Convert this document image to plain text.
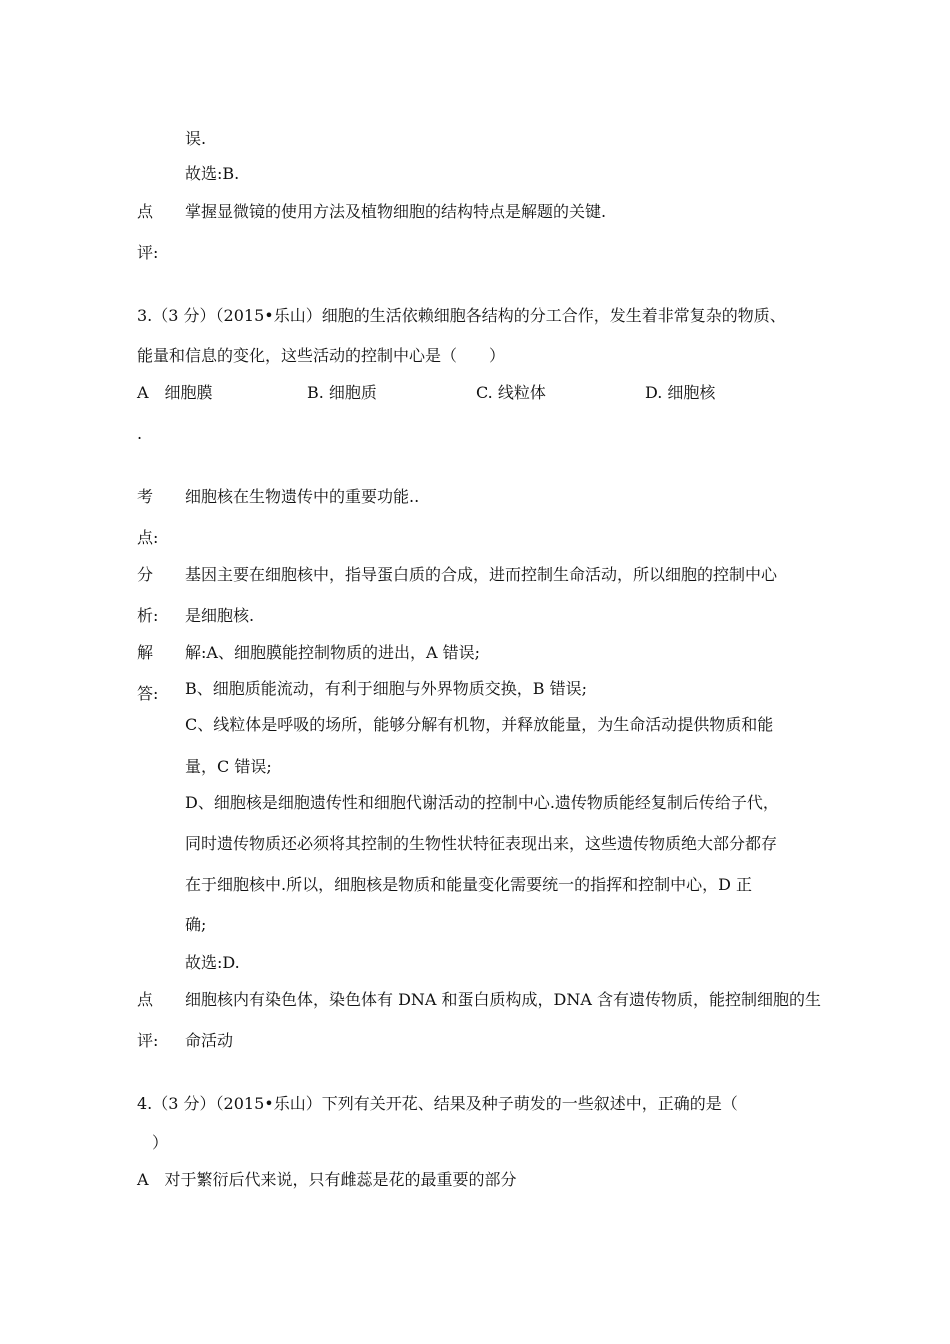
误.
故选:B.
点 掌握显微镜的使用方法及植物细胞的结构特点是解题的关键.
评:
3.（3 分）（2015•乐山）细胞的生活依赖细胞各结构的分工合作，发生着非常复杂的物质、
能量和信息的变化，这些活动的控制中心是（　　）
A　细胞膜	B. 细胞质	C. 线粒体	D. 细胞核
.
考 细胞核在生物遗传中的重要功能..
点:
分 基因主要在细胞核中，指导蛋白质的合成，进而控制生命活动，所以细胞的控制中心
析: 是细胞核.
解 解:A、细胞膜能控制物质的进出，A 错误;
答: B、细胞质能流动，有利于细胞与外界物质交换，B 错误;
C、线粒体是呼吸的场所，能够分解有机物，并释放能量，为生命活动提供物质和能
量，C 错误;
D、细胞核是细胞遗传性和细胞代谢活动的控制中心.遗传物质能经复制后传给子代，
同时遗传物质还必须将其控制的生物性状特征表现出来，这些遗传物质绝大部分都存
在于细胞核中.所以，细胞核是物质和能量变化需要统一的指挥和控制中心，D 正
确;
故选:D.
点 细胞核内有染色体，染色体有 DNA 和蛋白质构成，DNA 含有遗传物质，能控制细胞的生
评: 命活动
4.（3 分）（2015•乐山）下列有关开花、结果及种子萌发的一些叙述中，正确的是（
）
A　对于繁衍后代来说，只有雌蕊是花的最重要的部分
